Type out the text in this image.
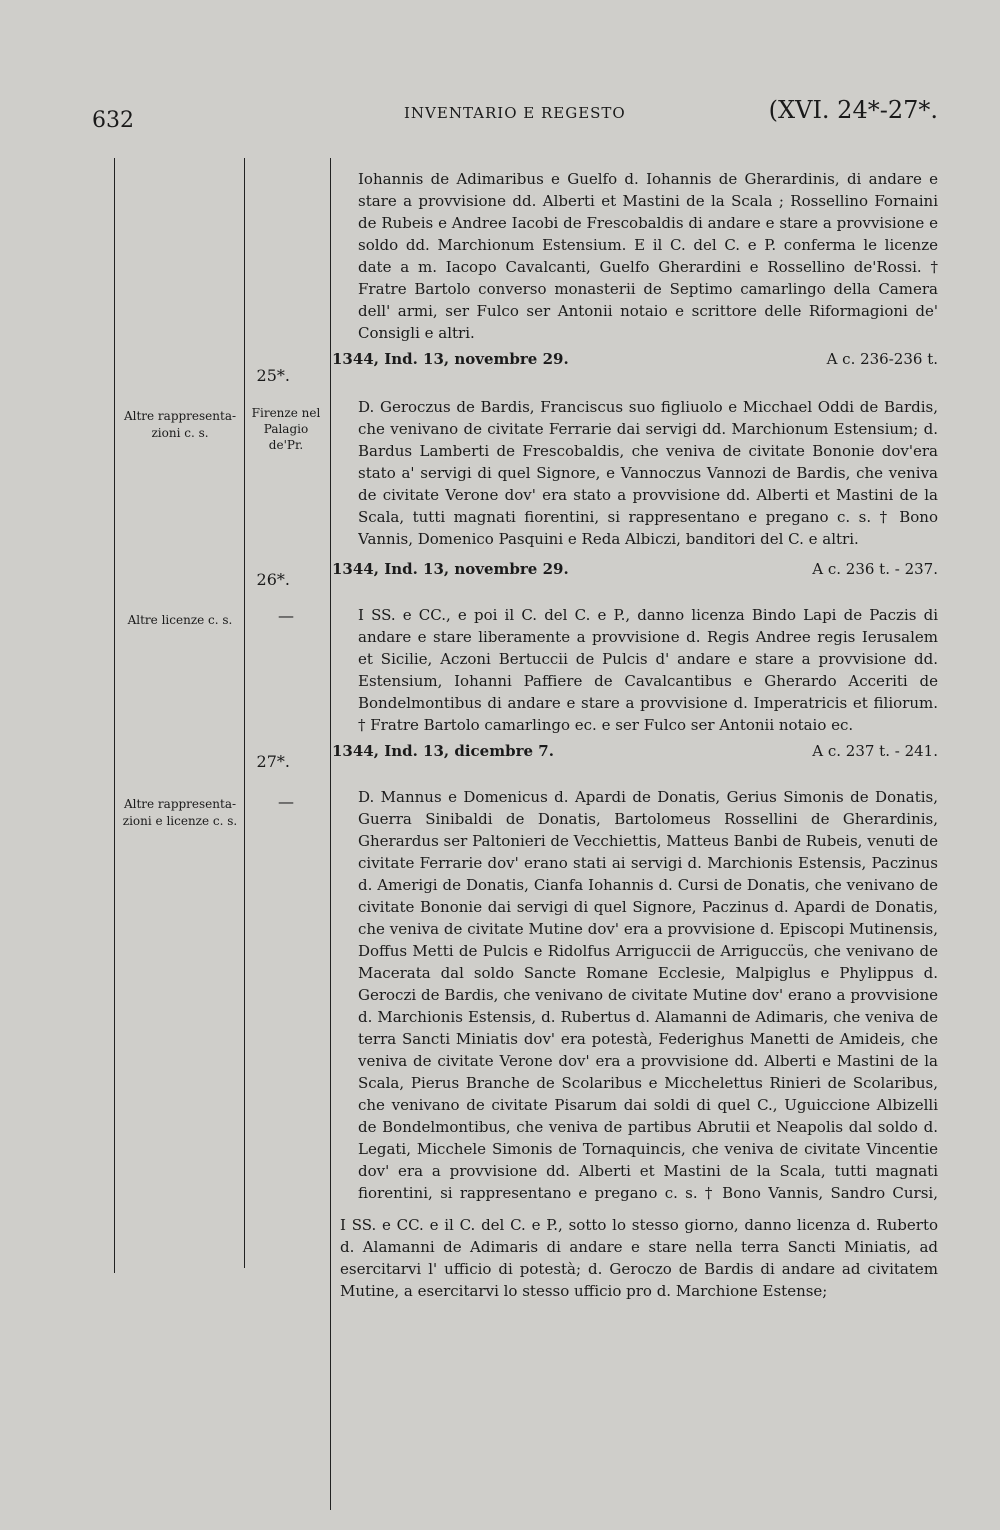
632	INVENTARIO E REGESTO	(XVI. 24*-27*.

Iohannis de Adimaribus e Guelfo d. Iohannis de Gherardinis, di andare e stare a provvisione dd. Alberti et Mastini de la Scala ; Rossellino Fornaini de Rubeis e Andree Iacobi de Frescobaldis di andare e stare a provvisione e soldo dd. Marchionum Estensium. E il C. del C. e P. conferma le licenze date a m. Iacopo Cavalcanti, Guelfo Gherardini e Rossellino de'Rossi. † Fratre Bartolo converso monasterii de Septimo camarlingo della Camera dell' armi, ser Fulco ser Antonii notaio e scrittore delle Riformagioni de' Consigli e altri.

25*.
1344, Ind. 13, novembre 29.	A c. 236-236 t.
Altre rappresenta-zioni c. s.
Firenze nel Palagio de'Pr.

D. Geroczus de Bardis, Franciscus suo figliuolo e Micchael Oddi de Bardis, che venivano de civitate Ferrarie dai servigi dd. Marchionum Estensium; d. Bardus Lamberti de Frescobaldis, che veniva de civitate Bononie dov'era stato a' servigi di quel Signore, e Vannoczus Vannozi de Bardis, che veniva de civitate Verone dov' era stato a provvisione dd. Alberti et Mastini de la Scala, tutti magnati fiorentini, si rappresentano e pregano c. s. † Bono Vannis, Domenico Pasquini e Reda Albiczi, banditori del C. e altri.

26*.
1344, Ind. 13, novembre 29.	A c. 236 t. - 237.
Altre licenze c. s.	—	I SS. e CC., e poi il C. del C. e P., danno licenza Bindo Lapi de Paczis di andare e stare liberamente a provvisione d. Regis Andree regis Ierusalem et Sicilie, Aczoni Bertuccii de Pulcis d' andare e stare a provvisione dd. Estensium, Iohanni Paffiere de Cavalcantibus e Gherardo Acceriti de Bondelmontibus di andare e stare a provvisione d. Imperatricis et filiorum. † Fratre Bartolo camarlingo ec. e ser Fulco ser Antonii notaio ec.

27*.
1344, Ind. 13, dicembre 7.	A c. 237 t. - 241.
Altre rappresenta-zioni e licenze c. s.
—	D. Mannus e Domenicus d. Apardi de Donatis, Gerius Simonis de Donatis, Guerra Sinibaldi de Donatis, Bartolomeus Rossellini de Gherardinis, Gherardus ser Paltonieri de Vecchiettis, Matteus Banbi de Rubeis, venuti de civitate Ferrarie dov' erano stati ai servigi d. Marchionis Estensis, Paczinus d. Amerigi de Donatis, Cianfa Iohannis d. Cursi de Donatis, che venivano de civitate Bononie dai servigi di quel Signore, Paczinus d. Apardi de Donatis, che veniva de civitate Mutine dov' era a provvisione d. Episcopi Mutinensis, Doffus Metti de Pulcis e Ridolfus Arriguccii de Arriguccüs, che venivano de Macerata dal soldo Sancte Romane Ecclesie, Malpiglus e Phylippus d. Geroczi de Bardis, che venivano de civitate Mutine dov' erano a provvisione d. Marchionis Estensis, d. Rubertus d. Alamanni de Adimaris, che veniva de terra Sancti Miniatis dov' era potestà, Federighus Manetti de Amideis, che veniva de civitate Verone dov' era a provvisione dd. Alberti e Mastini de la Scala, Pierus Branche de Scolaribus e Micchelettus Rinieri de Scolaribus, che venivano de civitate Pisarum dai soldi di quel C., Uguiccione Albizelli de Bondelmontibus, che veniva de partibus Abrutii et Neapolis dal soldo d. Legati, Micchele Simonis de Tornaquincis, che veniva de civitate Vincentie dov' era a provvisione dd. Alberti et Mastini de la Scala, tutti magnati fiorentini, si rappresentano e pregano c. s. † Bono Vannis, Sandro Cursi,

I SS. e CC. e il C. del C. e P., sotto lo stesso giorno, danno licenza d. Ruberto d. Alamanni de Adimaris di andare e stare nella terra Sancti Miniatis, ad esercitarvi l' ufficio di potestà; d. Geroczo de Bardis di andare ad civitatem Mutine, a esercitarvi lo stesso ufficio pro d. Marchione Estense;
